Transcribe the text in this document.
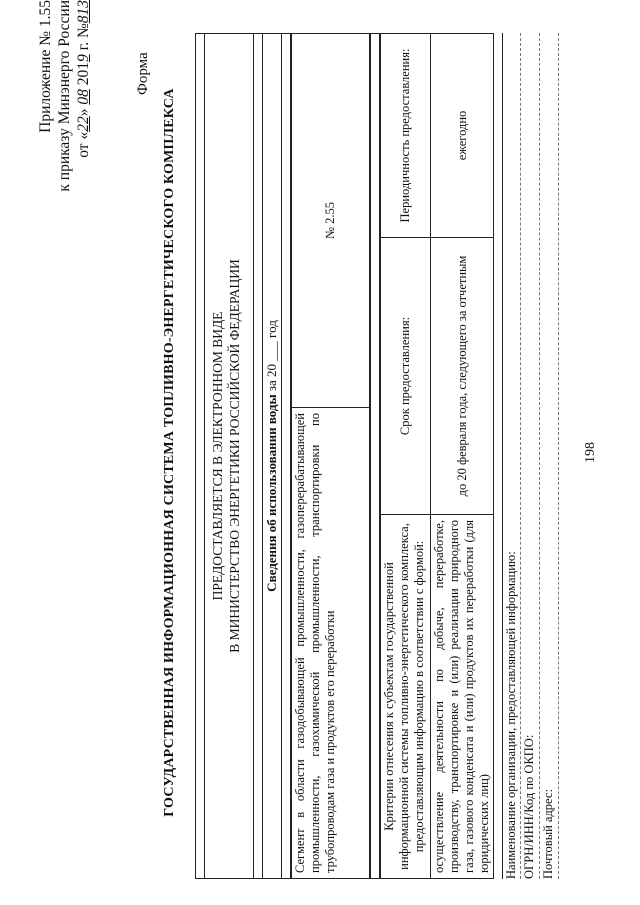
198
Приложение № 1.55 к приказу Минэнерго России от «22» 08 2019 г. №813
Форма
ГОСУДАРСТВЕННАЯ ИНФОРМАЦИОННАЯ СИСТЕМА ТОПЛИВНО-ЭНЕРГЕТИЧЕСКОГО КОМПЛЕКСА ПРЕДОСТАВЛЯЕТСЯ В ЭЛЕКТРОННОМ ВИДЕ В МИНИСТЕРСТВО ЭНЕРГЕТИКИ РОССИЙСКОЙ ФЕДЕРАЦИИ Сведения об использовании воды за 20 ___ год
Сегмент в области газодобывающей промышленности, газоперерабатывающей промышленности, газохимической промышленности, транспортировки по трубопроводам газа и продуктов его переработки	№ 2.55
Критерии отнесения к субъектам государственной информационной системы топливно-энергетического комплекса, предоставляющим информацию в соответствии с формой:	Срок предоставления:	Периодичность предоставления:
осуществление деятельности по добыче, переработке, производству, транспортировке и (или) реализации природного газа, газового конденсата и (или) продуктов их переработки (для юридических лиц)	до 20 февраля года, следующего за отчетным	ежегодно
Наименование организации, предоставляющей информацию: ОГРН/ИНН/Код по ОКПО: Почтовый адрес:
